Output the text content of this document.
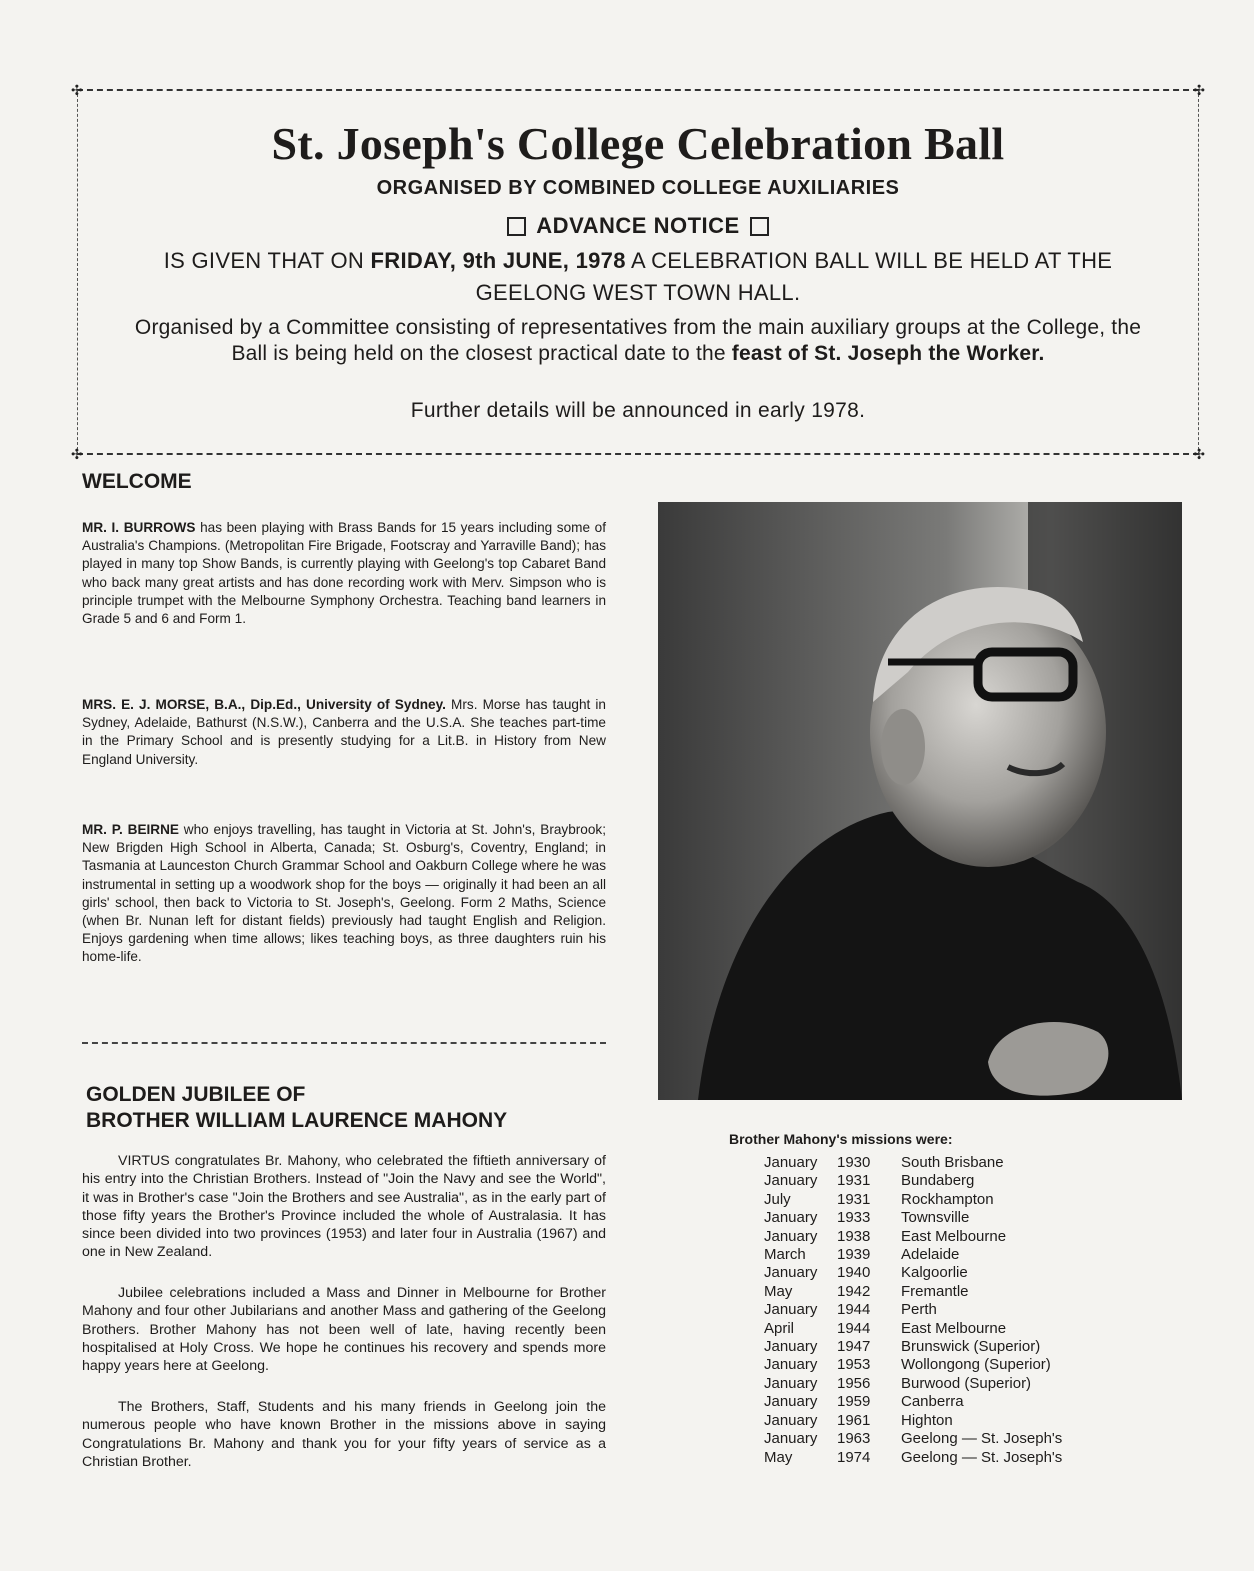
✣	✣
✣	✣
St. Joseph's College Celebration Ball
ORGANISED BY COMBINED COLLEGE AUXILIARIES
ADVANCE NOTICE
IS GIVEN THAT ON FRIDAY, 9th JUNE, 1978 A CELEBRATION BALL WILL BE HELD AT THE GEELONG WEST TOWN HALL.
Organised by a Committee consisting of representatives from the main auxiliary groups at the College, the Ball is being held on the closest practical date to the feast of St. Joseph the Worker.
Further details will be announced in early 1978.
WELCOME

MR. I. BURROWS has been playing with Brass Bands for 15 years including some of Australia's Champions. (Metropolitan Fire Brigade, Footscray and Yarraville Band); has played in many top Show Bands, is currently playing with Geelong's top Cabaret Band who back many great artists and has done recording work with Merv. Simpson who is principle trumpet with the Melbourne Symphony Orchestra. Teaching band learners in Grade 5 and 6 and Form 1.

MRS. E. J. MORSE, B.A., Dip.Ed., University of Sydney. Mrs. Morse has taught in Sydney, Adelaide, Bathurst (N.S.W.), Canberra and the U.S.A. She teaches part-time in the Primary School and is presently studying for a Lit.B. in History from New England University.

MR. P. BEIRNE who enjoys travelling, has taught in Victoria at St. John's, Braybrook; New Brigden High School in Alberta, Canada; St. Osburg's, Coventry, England; in Tasmania at Launceston Church Grammar School and Oakburn College where he was instrumental in setting up a woodwork shop for the boys — originally it had been an all girls' school, then back to Victoria to St. Joseph's, Geelong. Form 2 Maths, Science (when Br. Nunan left for distant fields) previously had taught English and Religion. Enjoys gardening when time allows; likes teaching boys, as three daughters ruin his home-life.

GOLDEN JUBILEE OF
BROTHER WILLIAM LAURENCE MAHONY

VIRTUS congratulates Br. Mahony, who celebrated the fiftieth anniversary of his entry into the Christian Brothers. Instead of "Join the Navy and see the World", it was in Brother's case "Join the Brothers and see Australia", as in the early part of those fifty years the Brother's Province included the whole of Australasia. It has since been divided into two provinces (1953) and later four in Australia (1967) and one in New Zealand.

Jubilee celebrations included a Mass and Dinner in Melbourne for Brother Mahony and four other Jubilarians and another Mass and gathering of the Geelong Brothers. Brother Mahony has not been well of late, having recently been hospitalised at Holy Cross. We hope he continues his recovery and spends more happy years here at Geelong.

The Brothers, Staff, Students and his many friends in Geelong join the numerous people who have known Brother in the missions above in saying Congratulations Br. Mahony and thank you for your fifty years of service as a Christian Brother.

Brother Mahony's missions were:
January	1930	South Brisbane
January	1931	Bundaberg
July	1931	Rockhampton
January	1933	Townsville
January	1938	East Melbourne
March	1939	Adelaide
January	1940	Kalgoorlie
May	1942	Fremantle
January	1944	Perth
April	1944	East Melbourne
January	1947	Brunswick (Superior)
January	1953	Wollongong (Superior)
January	1956	Burwood (Superior)
January	1959	Canberra
January	1961	Highton
January	1963	Geelong — St. Joseph's
May	1974	Geelong — St. Joseph's
